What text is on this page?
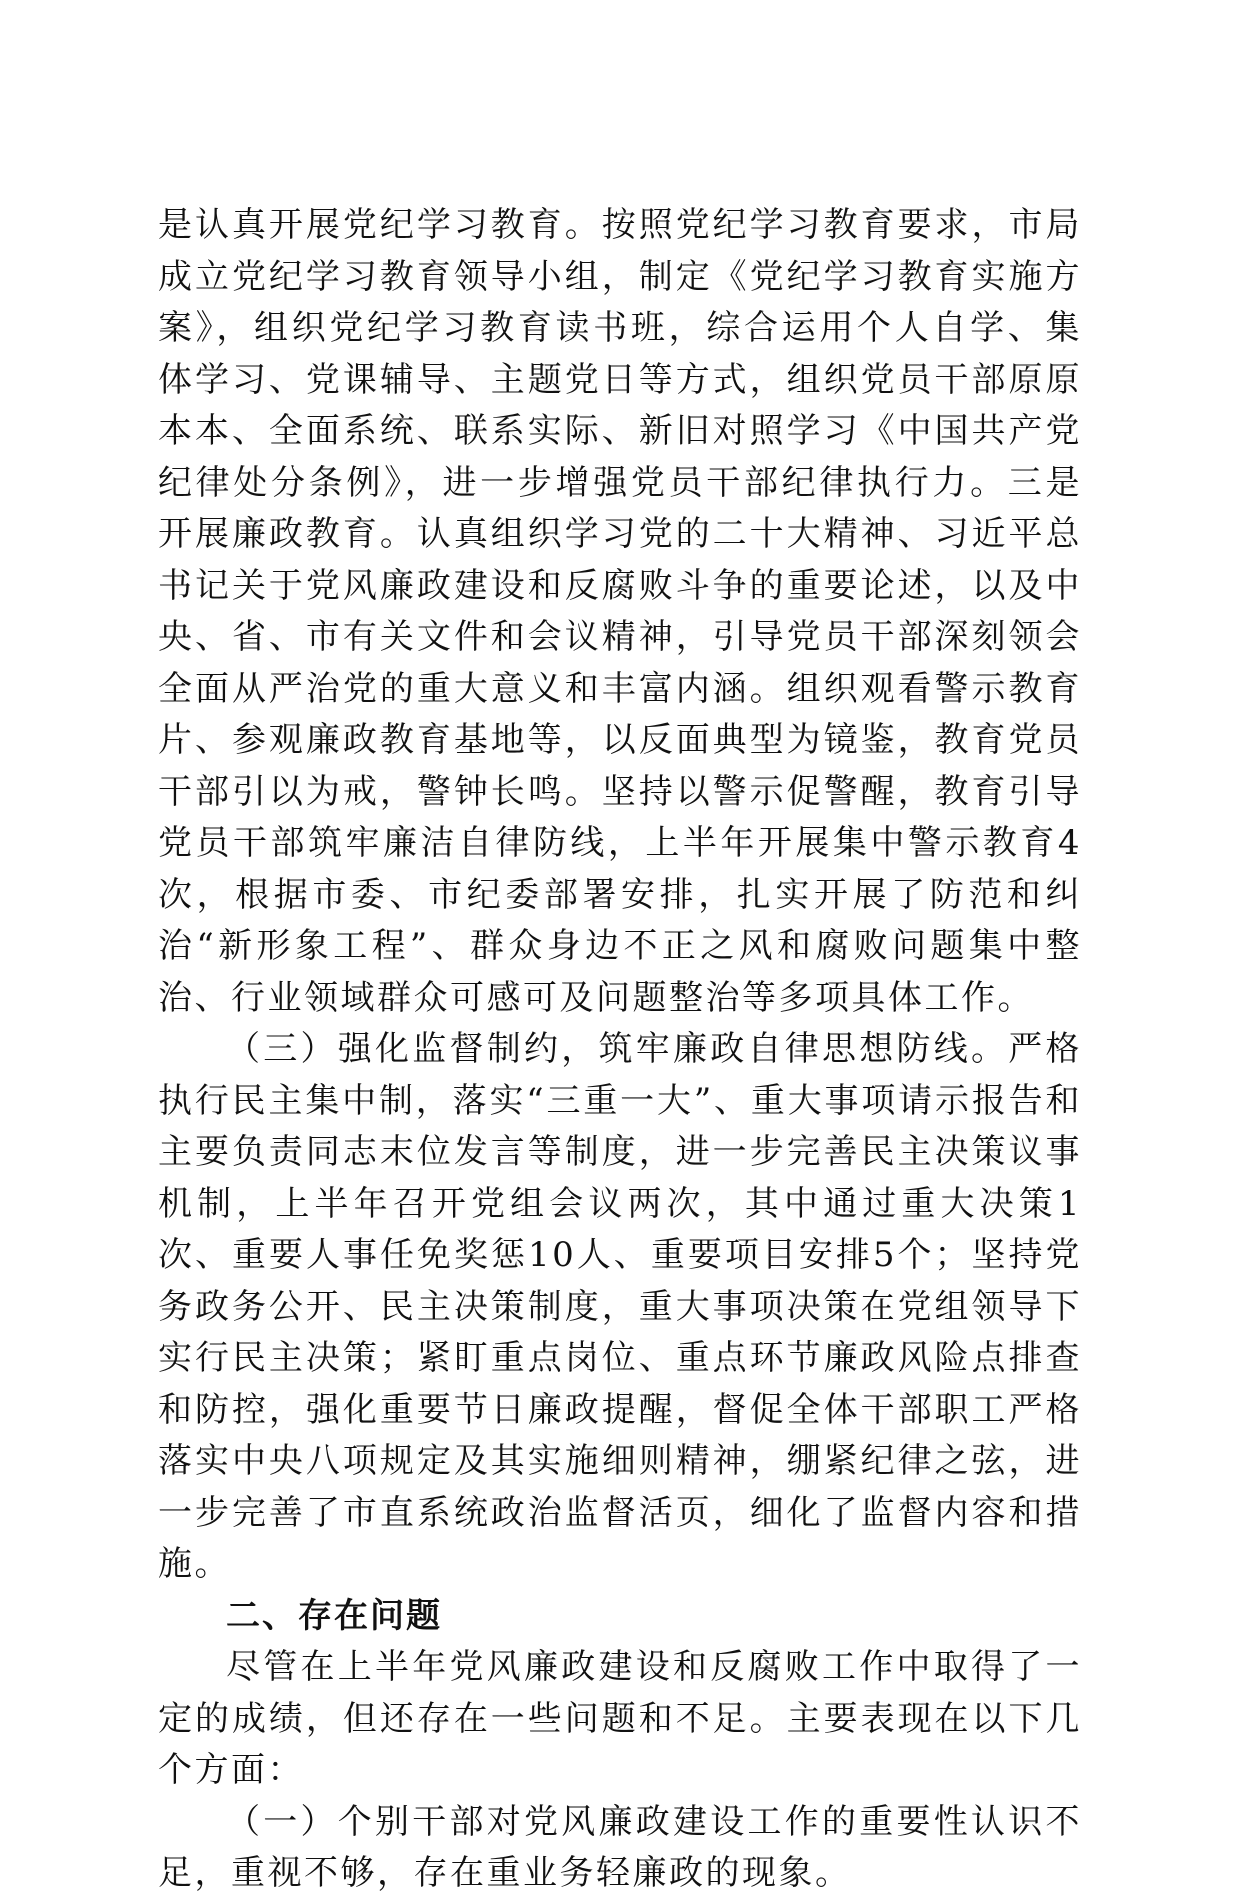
是认真开展党纪学习教育。按照党纪学习教育要求，市局成立党纪学习教育领导小组，制定《党纪学习教育实施方案》，组织党纪学习教育读书班，综合运用个人自学、集体学习、党课辅导、主题党日等方式，组织党员干部原原本本、全面系统、联系实际、新旧对照学习《中国共产党纪律处分条例》，进一步增强党员干部纪律执行力。三是开展廉政教育。认真组织学习党的二十大精神、习近平总书记关于党风廉政建设和反腐败斗争的重要论述，以及中央、省、市有关文件和会议精神，引导党员干部深刻领会全面从严治党的重大意义和丰富内涵。组织观看警示教育片、参观廉政教育基地等，以反面典型为镜鉴，教育党员干部引以为戒，警钟长鸣。坚持以警示促警醒，教育引导党员干部筑牢廉洁自律防线，上半年开展集中警示教育4次，根据市委、市纪委部署安排，扎实开展了防范和纠治“新形象工程”、群众身边不正之风和腐败问题集中整治、行业领域群众可感可及问题整治等多项具体工作。

（三）强化监督制约，筑牢廉政自律思想防线。严格执行民主集中制，落实“三重一大”、重大事项请示报告和主要负责同志末位发言等制度，进一步完善民主决策议事机制，上半年召开党组会议两次，其中通过重大决策1次、重要人事任免奖惩10人、重要项目安排5个；坚持党务政务公开、民主决策制度，重大事项决策在党组领导下实行民主决策；紧盯重点岗位、重点环节廉政风险点排查和防控，强化重要节日廉政提醒，督促全体干部职工严格落实中央八项规定及其实施细则精神，绷紧纪律之弦，进一步完善了市直系统政治监督活页，细化了监督内容和措施。

二、存在问题

尽管在上半年党风廉政建设和反腐败工作中取得了一定的成绩，但还存在一些问题和不足。主要表现在以下几个方面：

（一）个别干部对党风廉政建设工作的重要性认识不足，重视不够，存在重业务轻廉政的现象。
